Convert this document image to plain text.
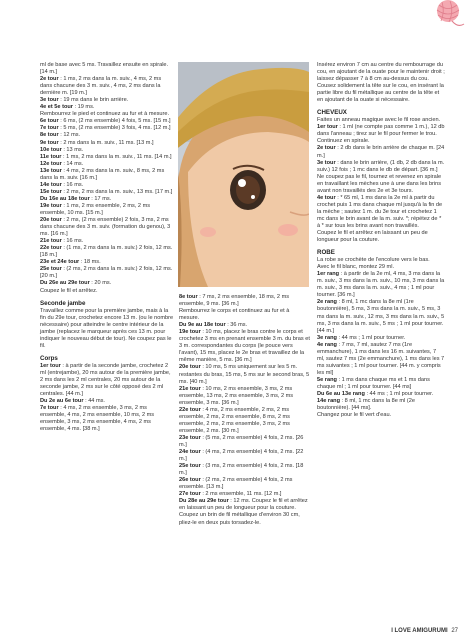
ml de base avec 5 ms. Travaillez ensuite en spirale. [14 m.]

2e tour : 1 ms, 2 ms dans la m. suiv., 4 ms, 2 ms dans chacune des 3 m. suiv., 4 ms, 2 ms dans la dernière m. [19 m.]

3e tour : 19 ms dans le brin arrière.

4e et 5e tour : 19 ms.

Rembourrez le pied et continuez au fur et à mesure.

6e tour : 6 ms, (2 ms ensemble) 4 fois, 5 ms. [15 m.]

7e tour : 5 ms, (2 ms ensemble) 3 fois, 4 ms. [12 m.]

8e tour : 12 ms.

9e tour : 2 ms dans la m. suiv., 11 ms. [13 m.]

10e tour : 13 ms.

11e tour : 1 ms, 2 ms dans la m. suiv., 11 ms. [14 m.]

12e tour : 14 ms.

13e tour : 4 ms, 2 ms dans la m. suiv., 8 ms, 2 ms dans la m. suiv. [16 m.]

14e tour : 16 ms.

15e tour : 2 ms, 2 ms dans la m. suiv., 13 ms. [17 m.]

Du 16e au 18e tour : 17 ms.

19e tour : 1 ms, 2 ms ensemble, 2 ms, 2 ms ensemble, 10 ms. [15 m.]

20e tour : 2 ms, (2 ms ensemble) 2 fois, 3 ms, 2 ms dans chacune des 3 m. suiv. (formation du genou), 3 ms. [16 m.]

21e tour : 16 ms.

22e tour : (1 ms, 2 ms dans la m. suiv.) 2 fois, 12 ms. [18 m.]

23e et 24e tour : 18 ms.

25e tour : (2 ms, 2 ms dans la m. suiv.) 2 fois, 12 ms. [20 m.]

Du 26e au 29e tour : 20 ms.

Coupez le fil et arrêtez.

Seconde jambe

Travaillez comme pour la première jambe, mais à la fin du 29e tour, crochetez encore 13 m. (ou le nombre nécessaire) pour atteindre le centre intérieur de la jambe (replacez le marqueur après ces 13 m. pour indiquer le nouveau début de tour). Ne coupez pas le fil.

Corps

1er tour : à partir de la seconde jambe, crochetez 2 ml (entrejambe), 20 ms autour de la première jambe, 2 ms dans les 2 ml centrales, 20 ms autour de la seconde jambe, 2 ms sur le côté opposé des 2 ml centrales. [44 m.]

Du 2e au 6e tour : 44 ms.

7e tour : 4 ms, 2 ms ensemble, 3 ms, 2 ms ensemble, 4 ms, 2 ms ensemble, 10 ms, 2 ms ensemble, 3 ms, 2 ms ensemble, 4 ms, 2 ms ensemble, 4 ms. [38 m.]

8e tour : 7 ms, 2 ms ensemble, 18 ms, 2 ms ensemble, 9 ms. [36 m.]

Rembourrez le corps et continuez au fur et à mesure.

Du 9e au 18e tour : 36 ms.

19e tour : 10 ms, placez le bras contre le corps et crochetez 3 ms en prenant ensemble 3 m. du bras et 3 m. correspondantes du corps (le pouce vers l'avant), 15 ms, placez le 2e bras et travaillez de la même manière, 5 ms. [36 m.]

20e tour : 10 ms, 5 ms uniquement sur les 5 m. restantes du bras, 15 ms, 5 ms sur le second bras, 5 ms. [40 m.]

21e tour : 10 ms, 2 ms ensemble, 3 ms, 2 ms ensemble, 13 ms, 2 ms ensemble, 3 ms, 2 ms ensemble, 3 ms. [36 m.]

22e tour : 4 ms, 2 ms ensemble, 2 ms, 2 ms ensemble, 2 ms, 2 ms ensemble, 8 ms, 2 ms ensemble, 2 ms, 2 ms ensemble, 3 ms, 2 ms ensemble, 2 ms. [30 m.]

23e tour : (5 ms, 2 ms ensemble) 4 fois, 2 ms. [26 m.]

24e tour : (4 ms, 2 ms ensemble) 4 fois, 2 ms. [22 m.]

25e tour : (3 ms, 2 ms ensemble) 4 fois, 2 ms. [18 m.]

26e tour : (2 ms, 2 ms ensemble) 4 fois, 2 ms ensemble. [13 m.]

27e tour : 2 ms ensemble, 11 ms. [12 m.]

Du 28e au 29e tour : 12 ms. Coupez le fil et arrêtez en laissant un peu de longueur pour la couture.

Coupez un brin de fil métallique d'environ 30 cm, pliez-le en deux puis torsadez-le.

Insérez environ 7 cm au centre du rembourrage du cou, en ajoutant de la ouate pour le maintenir droit ; laissez dépasser 7 à 8 cm au-dessus du cou.

Cousez solidement la tête sur le cou, en insérant la partie libre du fil métallique au centre de la tête et en ajoutant de la ouate si nécessaire.

CHEVEUX

Faites un anneau magique avec le fil rose ancien.

1er tour : 1 ml (ne compte pas comme 1 m.), 12 db dans l'anneau ; tirez sur le fil pour fermer le trou. Continuez en spirale.

2e tour : 2 db dans le brin arrière de chaque m. [24 m.]

3e tour : dans le brin arrière, (1 db, 2 db dans la m. suiv.) 12 fois ; 1 mc dans le db de départ. [36 m.]

Ne coupez pas le fil, tournez et revenez en spirale en travaillant les mèches une à une dans les brins avant non travaillés des 2e et 3e tours.

4e tour : * 65 ml, 1 ms dans la 2e ml à partir du crochet puis 1 ms dans chaque ml jusqu'à la fin de la mèche ; sautez 1 m. du 3e tour et crochetez 1 mc dans le brin avant de la m. suiv. *; répétez de * à * sur tous les brins avant non travaillés.

Coupez le fil et arrêtez en laissant un peu de longueur pour la couture.

ROBE

La robe se crochète de l'encolure vers le bas.

Avec le fil blanc, montez 29 ml.

1er rang : à partir de la 2e ml, 4 ms, 3 ms dans la m. suiv., 3 ms dans la m. suiv., 10 ms, 3 ms dans la m. suiv., 3 ms dans la m. suiv., 4 ms ; 1 ml pour tourner. [36 m.]

2e rang : 8 ml, 1 mc dans la 8e ml (1re boutonnière), 5 ms, 3 ms dans la m. suiv., 5 ms, 3 ms dans la m. suiv., 12 ms, 3 ms dans la m. suiv., 5 ms, 3 ms dans la m. suiv., 5 ms ; 1 ml pour tourner. [44 m.]

3e rang : 44 ms ; 1 ml pour tourner.

4e rang : 7 ms, 7 ml, sautez 7 ms (1re emmanchure), 1 ms dans les 16 m. suivantes, 7 ml, sautez 7 ms (2e emmanchure), 1 ms dans les 7 ms suivantes ; 1 ml pour tourner. [44 m. y compris les ml]

5e rang : 1 ms dans chaque ms et 1 ms dans chaque ml ; 1 ml pour tourner. [44 ms]

Du 6e au 13e rang : 44 ms ; 1 ml pour tourner.

14e rang : 8 ml, 1 mc dans la 8e ml (2e boutonnière). [44 ms].

Changez pour le fil vert d'eau.

I LOVE AMIGURUMI 27
